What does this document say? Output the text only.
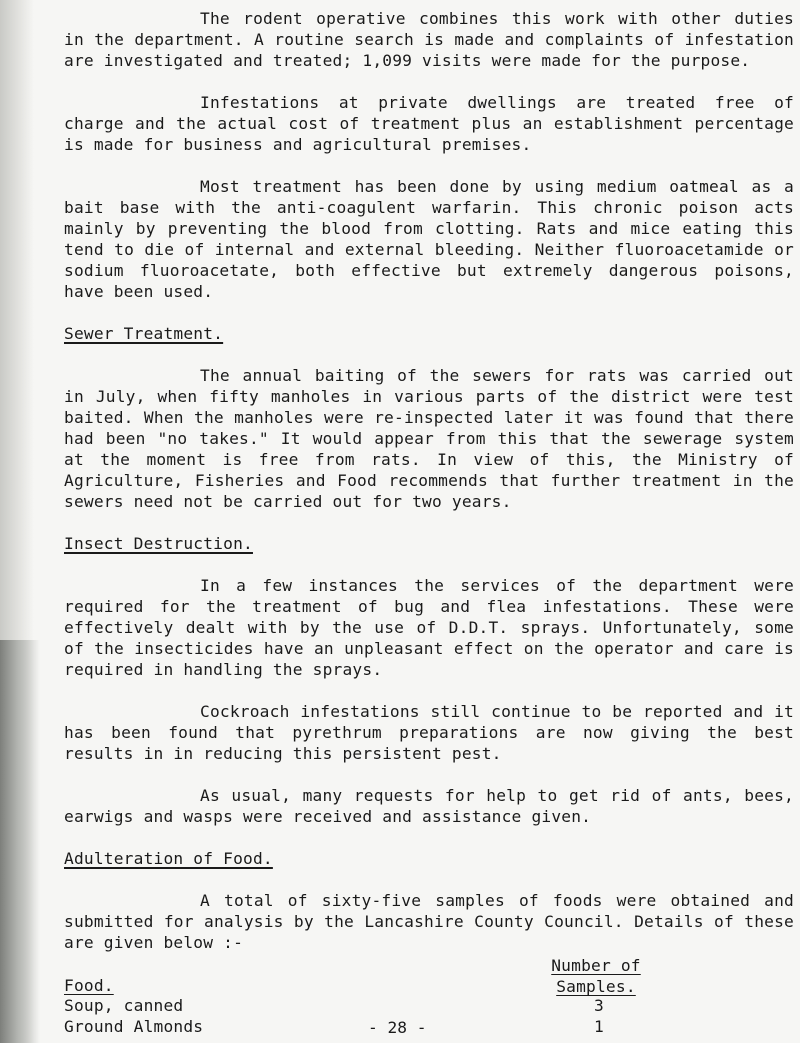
The rodent operative combines this work with other duties in the department. A routine search is made and complaints of infestation are investigated and treated; 1,099 visits were made for the purpose.

Infestations at private dwellings are treated free of charge and the actual cost of treatment plus an establishment percentage is made for business and agricultural premises.

Most treatment has been done by using medium oatmeal as a bait base with the anti-coagulent warfarin. This chronic poison acts mainly by preventing the blood from clotting. Rats and mice eating this tend to die of internal and external bleeding. Neither fluoroacetamide or sodium fluoroacetate, both effective but extremely dangerous poisons, have been used.

Sewer Treatment.

The annual baiting of the sewers for rats was carried out in July, when fifty manholes in various parts of the district were test baited. When the manholes were re-inspected later it was found that there had been "no takes." It would appear from this that the sewerage system at the moment is free from rats. In view of this, the Ministry of Agriculture, Fisheries and Food recommends that further treatment in the sewers need not be carried out for two years.

Insect Destruction.

In a few instances the services of the department were required for the treatment of bug and flea infestations. These were effectively dealt with by the use of D.D.T. sprays. Unfortunately, some of the insecticides have an unpleasant effect on the operator and care is required in handling the sprays.

Cockroach infestations still continue to be reported and it has been found that pyrethrum preparations are now giving the best results in in reducing this persistent pest.

As usual, many requests for help to get rid of ants, bees, earwigs and wasps were received and assistance given.

Adulteration of Food.

A total of sixty-five samples of foods were obtained and submitted for analysis by the Lancashire County Council. Details of these are given below :-

Food.
Number of
Samples.
Soup, canned	3
Ground Almonds	1
- 28 -
